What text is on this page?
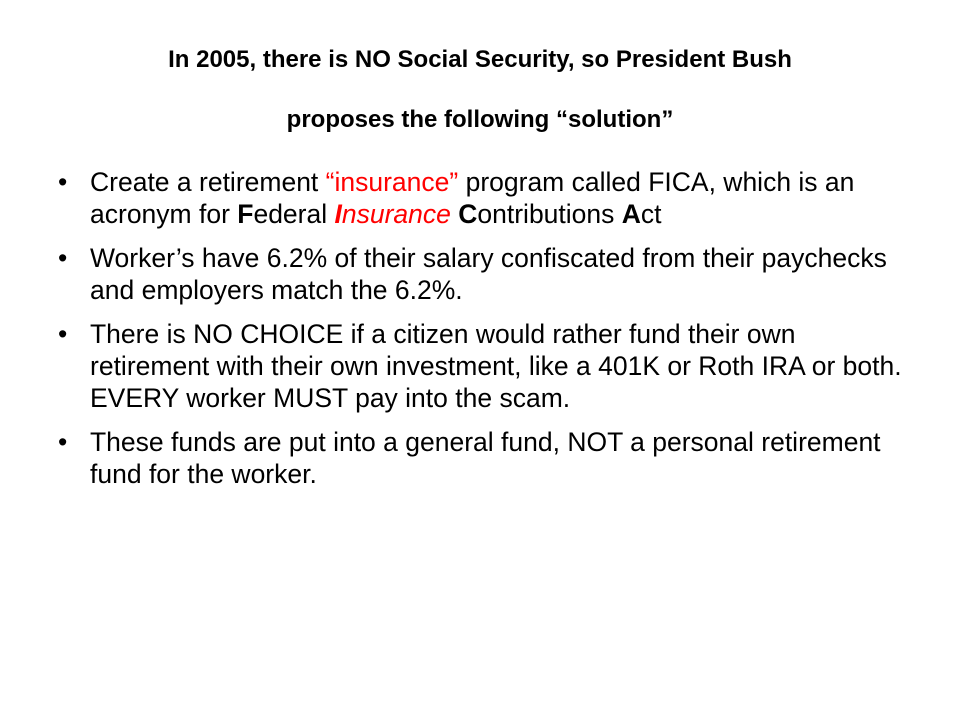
In 2005, there is NO Social Security, so President Bush
proposes the following “solution”
• Create a retirement “insurance” program called FICA, which is an acronym for Federal Insurance Contributions Act
• Worker’s have 6.2% of their salary confiscated from their paychecks and employers match the 6.2%.
• There is NO CHOICE if a citizen would rather fund their own retirement with their own investment, like a 401K or Roth IRA or both. EVERY worker MUST pay into the scam.
• These funds are put into a general fund, NOT a personal retirement fund for the worker.
